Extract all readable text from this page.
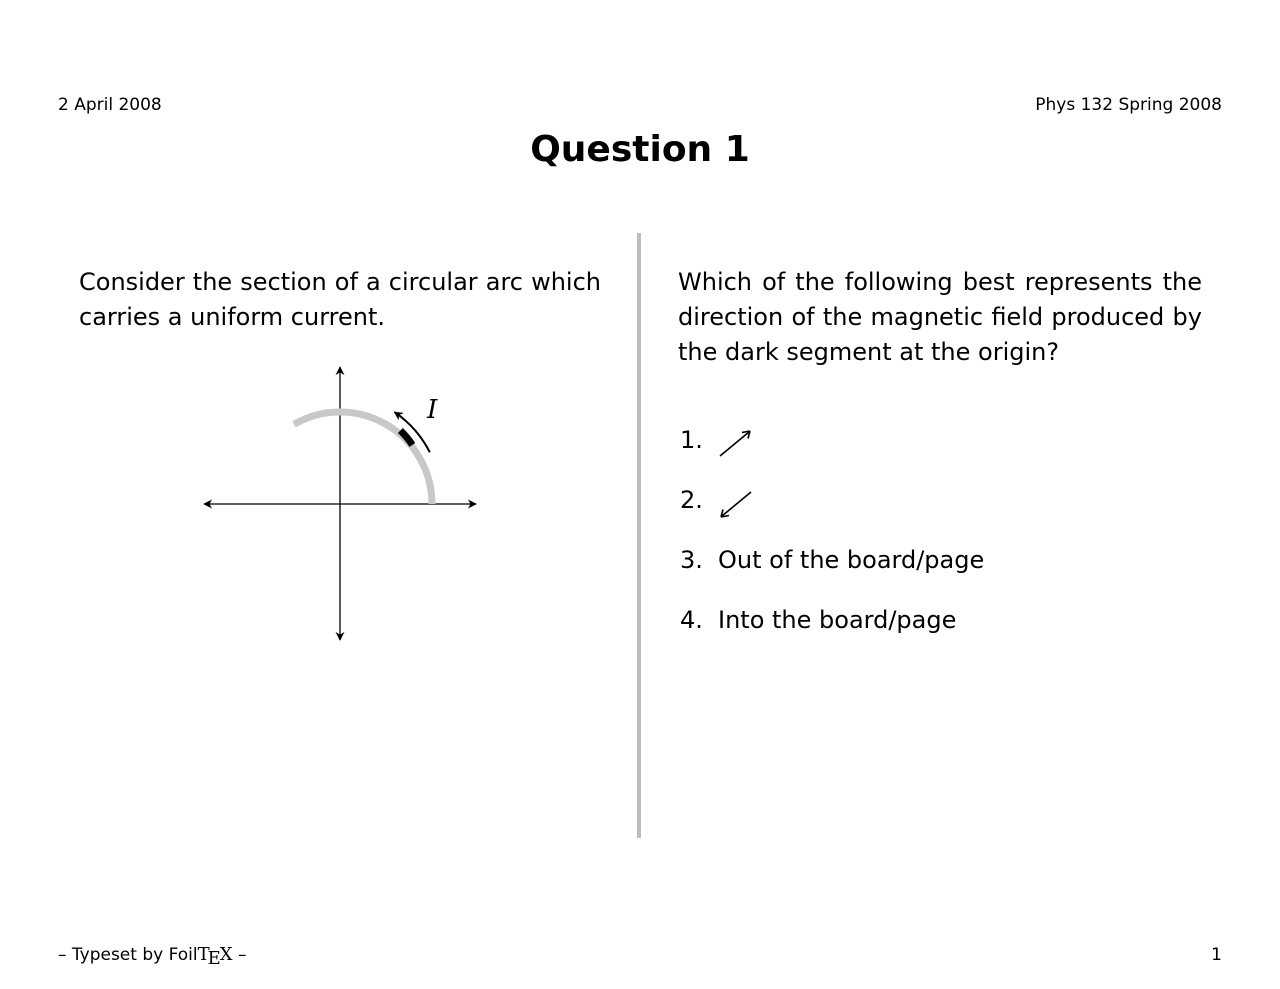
2 April 2008	Phys 132 Spring 2008
Question 1
Consider the section of a circular arc which carries a uniform current.
I
Which of the following best represents the direction of the magnetic field produced by the dark segment at the origin?
1.
2.
3. Out of the board/page
4. Into the board/page
– Typeset by FoilTEX –	1
